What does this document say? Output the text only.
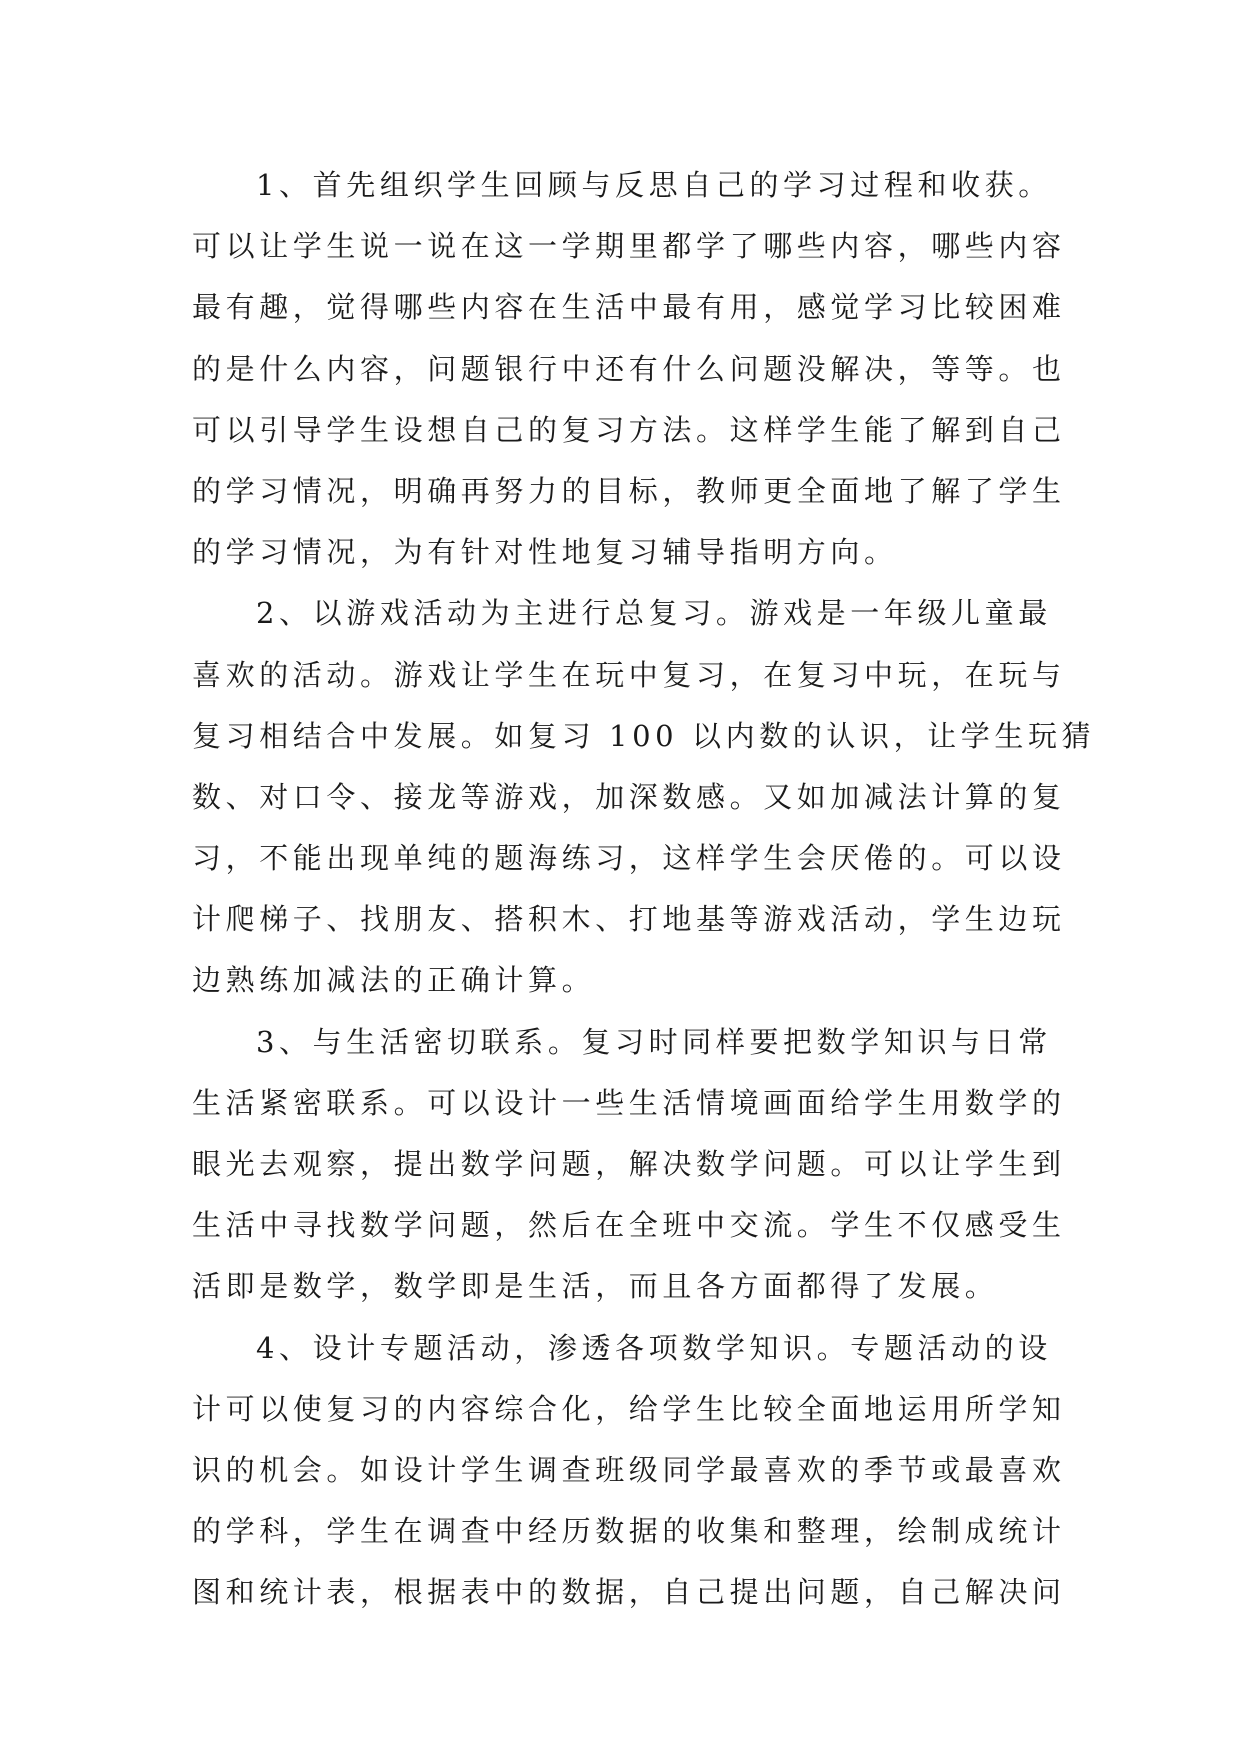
1、首先组织学生回顾与反思自己的学习过程和收获。
可以让学生说一说在这一学期里都学了哪些内容，哪些内容
最有趣，觉得哪些内容在生活中最有用，感觉学习比较困难
的是什么内容，问题银行中还有什么问题没解决，等等。也
可以引导学生设想自己的复习方法。这样学生能了解到自己
的学习情况，明确再努力的目标，教师更全面地了解了学生
的学习情况，为有针对性地复习辅导指明方向。
2、以游戏活动为主进行总复习。游戏是一年级儿童最
喜欢的活动。游戏让学生在玩中复习，在复习中玩，在玩与
复习相结合中发展。如复习 100 以内数的认识，让学生玩猜
数、对口令、接龙等游戏，加深数感。又如加减法计算的复
习，不能出现单纯的题海练习，这样学生会厌倦的。可以设
计爬梯子、找朋友、搭积木、打地基等游戏活动，学生边玩
边熟练加减法的正确计算。
3、与生活密切联系。复习时同样要把数学知识与日常
生活紧密联系。可以设计一些生活情境画面给学生用数学的
眼光去观察，提出数学问题，解决数学问题。可以让学生到
生活中寻找数学问题，然后在全班中交流。学生不仅感受生
活即是数学，数学即是生活，而且各方面都得了发展。
4、设计专题活动，渗透各项数学知识。专题活动的设
计可以使复习的内容综合化，给学生比较全面地运用所学知
识的机会。如设计学生调查班级同学最喜欢的季节或最喜欢
的学科，学生在调查中经历数据的收集和整理，绘制成统计
图和统计表，根据表中的数据，自己提出问题，自己解决问
